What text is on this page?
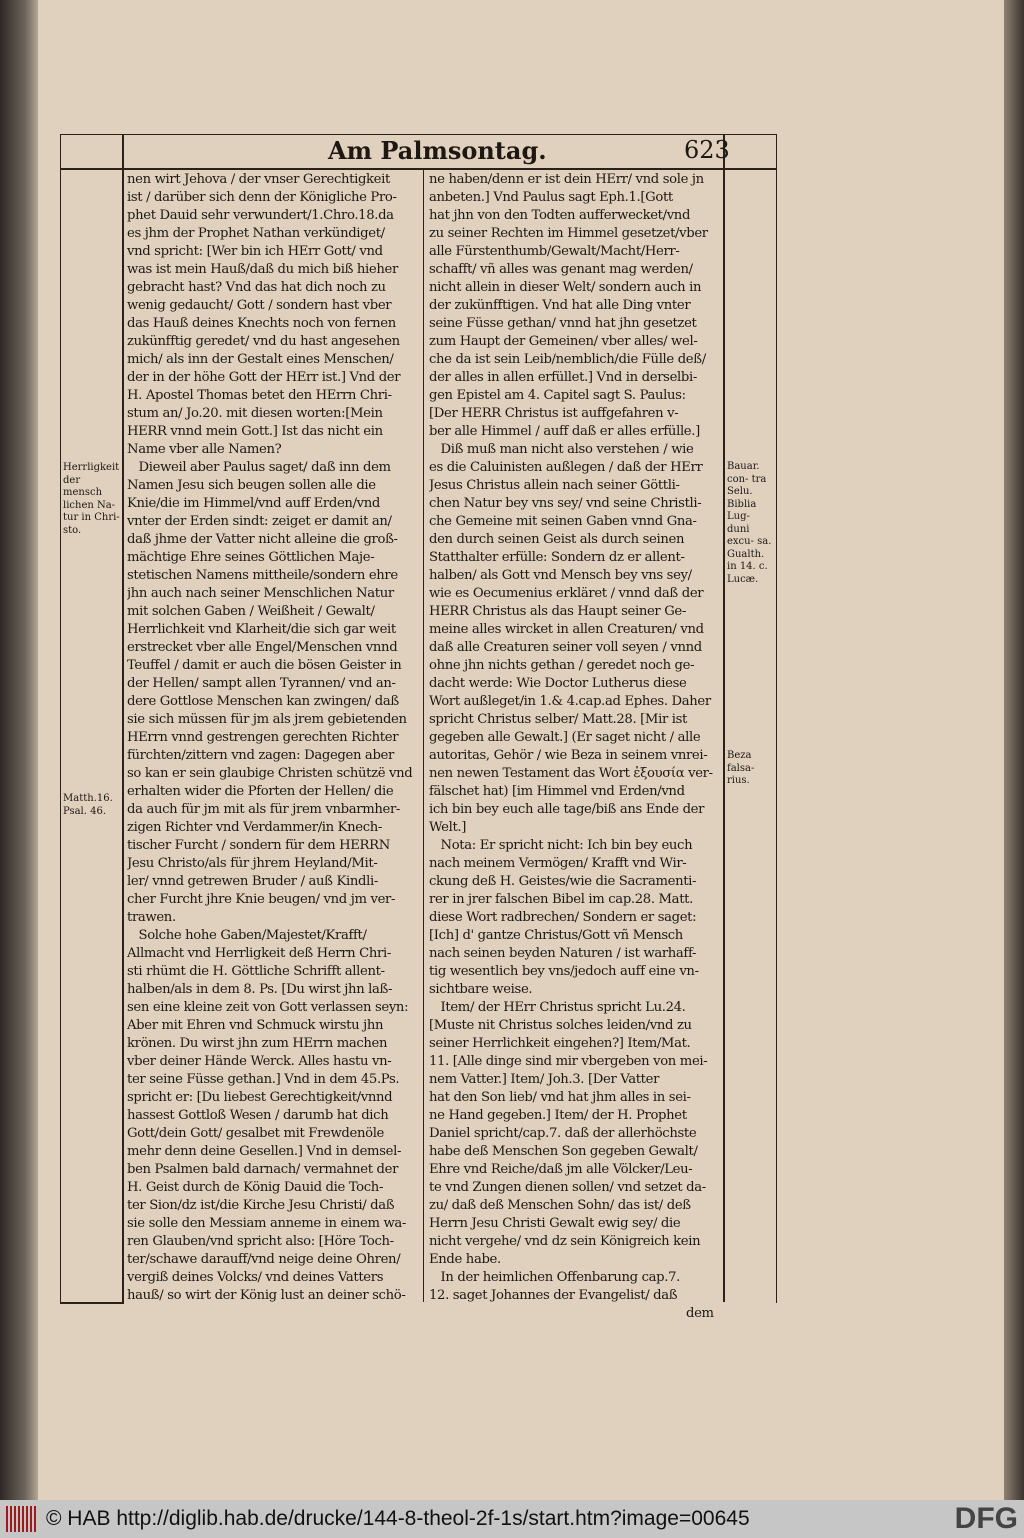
Am Palmsontag.	623
nen wirt Jehova / der vnser Gerechtigkeit
ist / darüber sich denn der Königliche Pro-
phet Dauid sehr verwundert/1.Chro.18.da
es jhm der Prophet Nathan verkündiget/
vnd spricht: [Wer bin ich HErr Gott/ vnd
was ist mein Hauß/daß du mich biß hieher
gebracht hast? Vnd das hat dich noch zu
wenig gedaucht/ Gott / sondern hast vber
das Hauß deines Knechts noch von fernen
zukünfftig geredet/ vnd du hast angesehen
mich/ als inn der Gestalt eines Menschen/
der in der höhe Gott der HErr ist.] Vnd der
H. Apostel Thomas betet den HErrn Chri-
stum an/ Jo.20. mit diesen worten:[Mein
HERR vnnd mein Gott.] Ist das nicht ein
Name vber alle Namen?
Dieweil aber Paulus saget/ daß inn dem
Namen Jesu sich beugen sollen alle die
Knie/die im Himmel/vnd auff Erden/vnd
vnter der Erden sindt: zeiget er damit an/
daß jhme der Vatter nicht alleine die groß-
mächtige Ehre seines Göttlichen Maje-
stetischen Namens mittheile/sondern ehre
jhn auch nach seiner Menschlichen Natur
mit solchen Gaben / Weißheit / Gewalt/
Herrlichkeit vnd Klarheit/die sich gar weit
erstrecket vber alle Engel/Menschen vnnd
Teuffel / damit er auch die bösen Geister in
der Hellen/ sampt allen Tyrannen/ vnd an-
dere Gottlose Menschen kan zwingen/ daß
sie sich müssen für jm als jrem gebietenden
HErrn vnnd gestrengen gerechten Richter
fürchten/zittern vnd zagen: Dagegen aber
so kan er sein glaubige Christen schützë vnd
erhalten wider die Pforten der Hellen/ die
da auch für jm mit als für jrem vnbarmher-
zigen Richter vnd Verdammer/in Knech-
tischer Furcht / sondern für dem HERRN
Jesu Christo/als für jhrem Heyland/Mit-
ler/ vnnd getrewen Bruder / auß Kindli-
cher Furcht jhre Knie beugen/ vnd jm ver-
trawen.
Solche hohe Gaben/Majestet/Krafft/
Allmacht vnd Herrligkeit deß Herrn Chri-
sti rhümt die H. Göttliche Schrifft allent-
halben/als in dem 8. Ps. [Du wirst jhn laß-
sen eine kleine zeit von Gott verlassen seyn:
Aber mit Ehren vnd Schmuck wirstu jhn
krönen. Du wirst jhn zum HErrn machen
vber deiner Hände Werck. Alles hastu vn-
ter seine Füsse gethan.] Vnd in dem 45.Ps.
spricht er: [Du liebest Gerechtigkeit/vnnd
hassest Gottloß Wesen / darumb hat dich
Gott/dein Gott/ gesalbet mit Frewdenöle
mehr denn deine Gesellen.] Vnd in demsel-
ben Psalmen bald darnach/ vermahnet der
H. Geist durch de König Dauid die Toch-
ter Sion/dz ist/die Kirche Jesu Christi/ daß
sie solle den Messiam anneme in einem wa-
ren Glauben/vnd spricht also: [Höre Toch-
ter/schawe darauff/vnd neige deine Ohren/
vergiß deines Volcks/ vnd deines Vatters
hauß/ so wirt der König lust an deiner schö-
ne haben/denn er ist dein HErr/ vnd sole jn
anbeten.] Vnd Paulus sagt Eph.1.[Gott
hat jhn von den Todten aufferwecket/vnd
zu seiner Rechten im Himmel gesetzet/vber
alle Fürstenthumb/Gewalt/Macht/Herr-
schafft/ vñ alles was genant mag werden/
nicht allein in dieser Welt/ sondern auch in
der zukünfftigen. Vnd hat alle Ding vnter
seine Füsse gethan/ vnnd hat jhn gesetzet
zum Haupt der Gemeinen/ vber alles/ wel-
che da ist sein Leib/nemblich/die Fülle deß/
der alles in allen erfüllet.] Vnd in derselbi-
gen Epistel am 4. Capitel sagt S. Paulus:
[Der HERR Christus ist auffgefahren v-
ber alle Himmel / auff daß er alles erfülle.]
Diß muß man nicht also verstehen / wie
es die Caluinisten außlegen / daß der HErr
Jesus Christus allein nach seiner Göttli-
chen Natur bey vns sey/ vnd seine Christli-
che Gemeine mit seinen Gaben vnnd Gna-
den durch seinen Geist als durch seinen
Statthalter erfülle: Sondern dz er allent-
halben/ als Gott vnd Mensch bey vns sey/
wie es Oecumenius erkläret / vnnd daß der
HERR Christus als das Haupt seiner Ge-
meine alles wircket in allen Creaturen/ vnd
daß alle Creaturen seiner voll seyen / vnnd
ohne jhn nichts gethan / geredet noch ge-
dacht werde: Wie Doctor Lutherus diese
Wort außleget/in 1.& 4.cap.ad Ephes. Daher
spricht Christus selber/ Matt.28. [Mir ist
gegeben alle Gewalt.] (Er saget nicht / alle
autoritas, Gehör / wie Beza in seinem vnrei-
nen newen Testament das Wort ἐξουσία ver-
fälschet hat) [im Himmel vnd Erden/vnd
ich bin bey euch alle tage/biß ans Ende der
Welt.]
Nota: Er spricht nicht: Ich bin bey euch
nach meinem Vermögen/ Krafft vnd Wir-
ckung deß H. Geistes/wie die Sacramenti-
rer in jrer falschen Bibel im cap.28. Matt.
diese Wort radbrechen/ Sondern er saget:
[Ich] d' gantze Christus/Gott vñ Mensch
nach seinen beyden Naturen / ist warhaff-
tig wesentlich bey vns/jedoch auff eine vn-
sichtbare weise.
Item/ der HErr Christus spricht Lu.24.
[Muste nit Christus solches leiden/vnd zu
seiner Herrlichkeit eingehen?] Item/Mat.
11. [Alle dinge sind mir vbergeben von mei-
nem Vatter.] Item/ Joh.3. [Der Vatter
hat den Son lieb/ vnd hat jhm alles in sei-
ne Hand gegeben.] Item/ der H. Prophet
Daniel spricht/cap.7. daß der allerhöchste
habe deß Menschen Son gegeben Gewalt/
Ehre vnd Reiche/daß jm alle Völcker/Leu-
te vnd Zungen dienen sollen/ vnd setzet da-
zu/ daß deß Menschen Sohn/ das ist/ deß
Herrn Jesu Christi Gewalt ewig sey/ die
nicht vergehe/ vnd dz sein Königreich kein
Ende habe.
In der heimlichen Offenbarung cap.7.
12. saget Johannes der Evangelist/ daß
dem
Herrligkeit der mensch lichen Na- tur in Chri- sto.
Matth.16. Psal. 46.
Bauar. con- tra Selu. Biblia Lug- duni excu- sa. Gualth. in 14. c. Lucæ.
Beza falsa- rius.
© HAB http://diglib.hab.de/drucke/144-8-theol-2f-1s/start.htm?image=00645	DFG
